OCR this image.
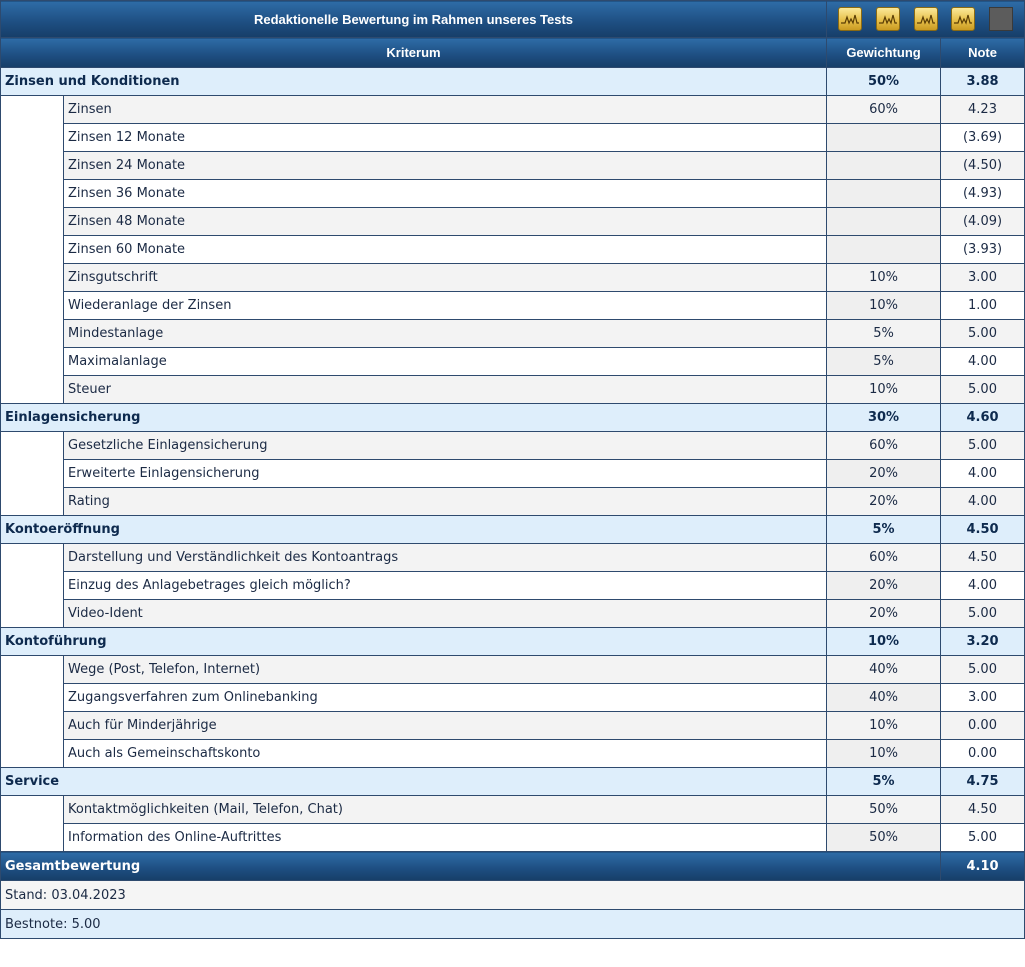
Redaktionelle Bewertung im Rahmen unseres Tests	

Kriterum		Gewichtung	Note
Zinsen und Konditionen		50%	3.88
	Zinsen	60%	4.23
	Zinsen 12 Monate		(3.69)
	Zinsen 24 Monate		(4.50)
	Zinsen 36 Monate		(4.93)
	Zinsen 48 Monate		(4.09)
	Zinsen 60 Monate		(3.93)
	Zinsgutschrift	10%	3.00
	Wiederanlage der Zinsen	10%	1.00
	Mindestanlage	5%	5.00
	Maximalanlage	5%	4.00
	Steuer	10%	5.00
Einlagensicherung		30%	4.60
	Gesetzliche Einlagensicherung	60%	5.00
	Erweiterte Einlagensicherung	20%	4.00
	Rating	20%	4.00
Kontoeröffnung		5%	4.50
	Darstellung und Verständlichkeit des Kontoantrags	60%	4.50
	Einzug des Anlagebetrages gleich möglich?	20%	4.00
	Video-Ident	20%	5.00
Kontoführung		10%	3.20
	Wege (Post, Telefon, Internet)	40%	5.00
	Zugangsverfahren zum Onlinebanking	40%	3.00
	Auch für Minderjährige	10%	0.00
	Auch als Gemeinschaftskonto	10%	0.00
Service		5%	4.75
	Kontaktmöglichkeiten (Mail, Telefon, Chat)	50%	4.50
	Information des Online-Auftrittes	50%	5.00
Gesamtbewertung			4.10
Stand: 03.04.2023			
Bestnote: 5.00			
